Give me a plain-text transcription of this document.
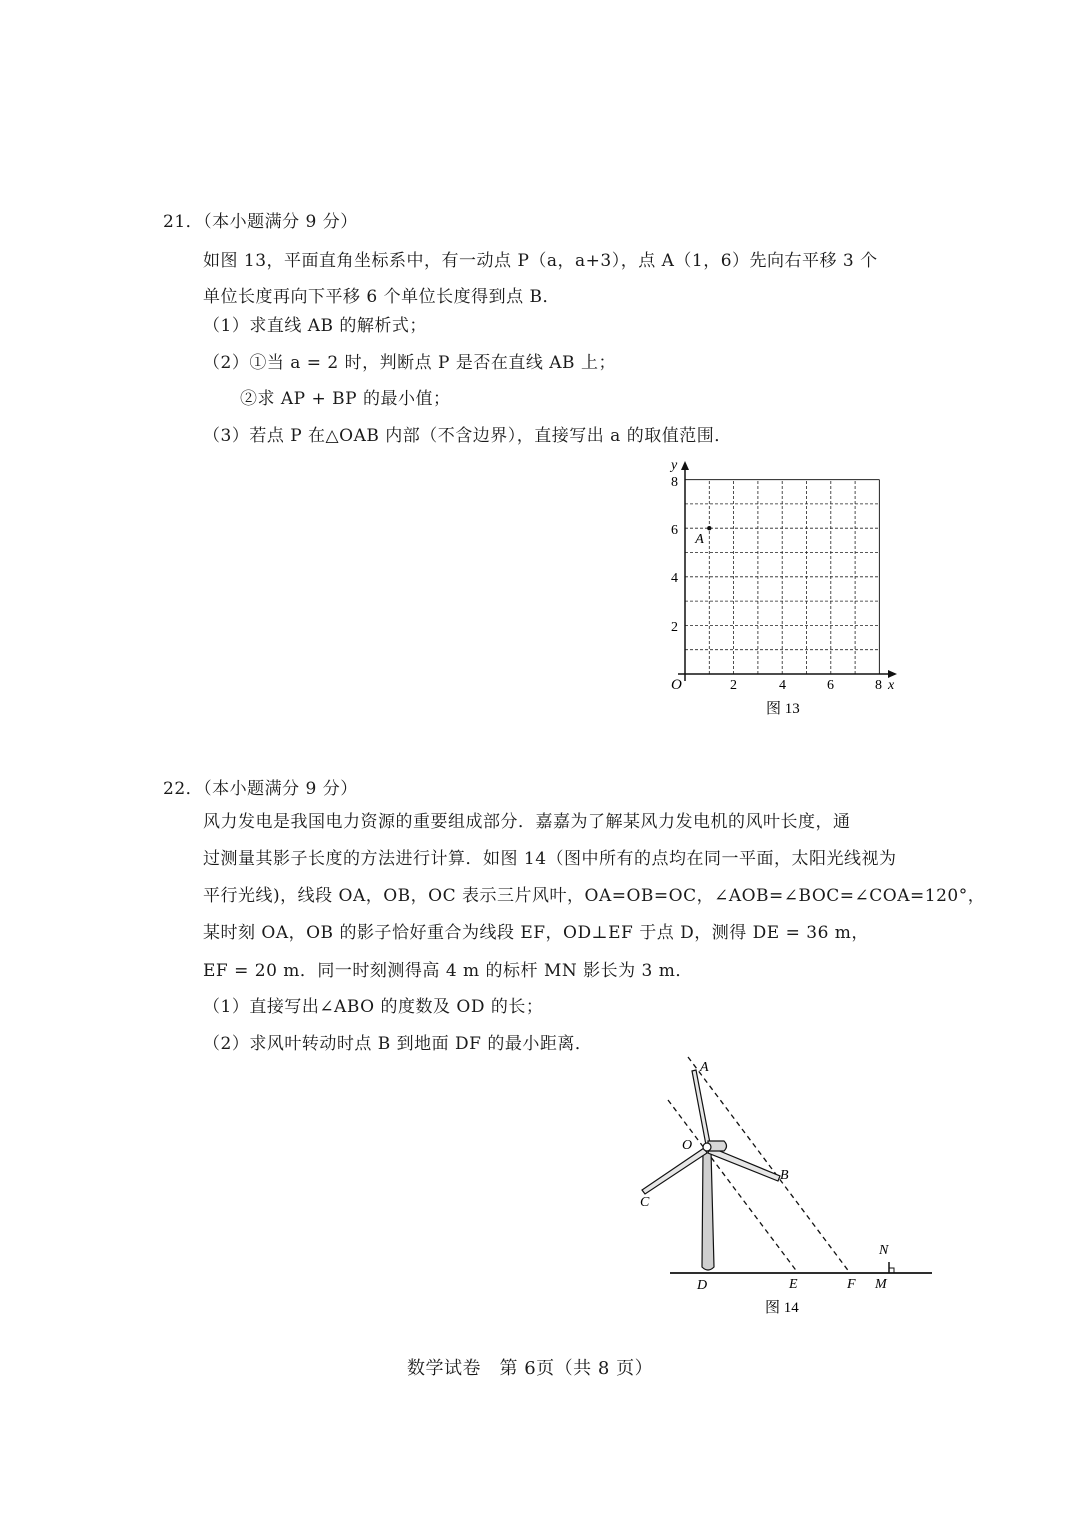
21．（本小题满分 9 分）
如图 13，平面直角坐标系中，有一动点 P（a，a+3），点 A（1，6）先向右平移 3 个
单位长度再向下平移 6 个单位长度得到点 B．
（1）求直线 AB 的解析式；
（2）①当 a = 2 时，判断点 P 是否在直线 AB 上；
②求 AP + BP 的最小值；
（3）若点 P 在△OAB 内部（不含边界），直接写出 a 的取值范围．
y
x
O	2	4	6	8
2
4
6
8
A
图 13
22．（本小题满分 9 分）
风力发电是我国电力资源的重要组成部分．嘉嘉为了解某风力发电机的风叶长度，通
过测量其影子长度的方法进行计算．如图 14（图中所有的点均在同一平面，太阳光线视为
平行光线)，线段 OA，OB，OC 表示三片风叶，OA=OB=OC，∠AOB=∠BOC=∠COA=120°，
某时刻 OA，OB 的影子恰好重合为线段 EF，OD⊥EF 于点 D，测得 DE = 36 m，
EF = 20 m．同一时刻测得高 4 m 的标杆 MN 影长为 3 m．
（1）直接写出∠ABO 的度数及 OD 的长；
（2）求风叶转动时点 B 到地面 DF 的最小距离．
A
O
B
C
D	E	F M
N
图 14
数学试卷　第 6页（共 8 页）
